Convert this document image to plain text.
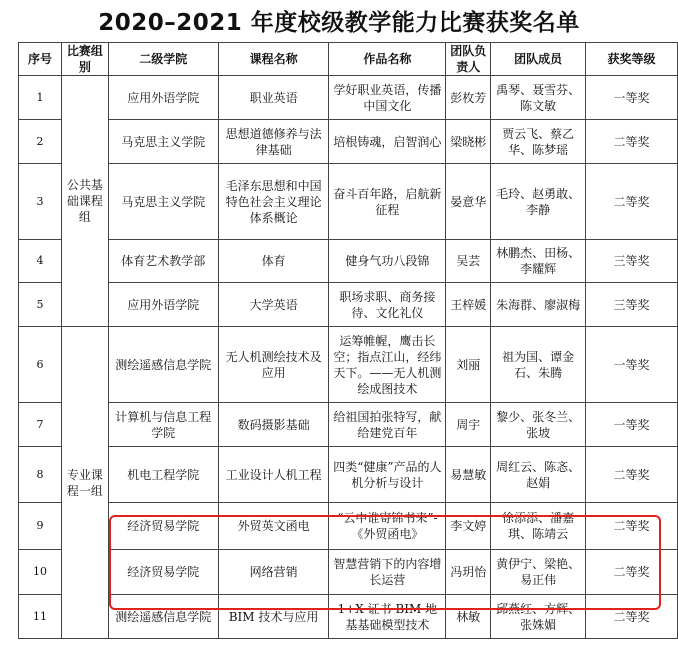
2020–2021 年度校级教学能力比赛获奖名单
序号	比赛组别	二级学院	课程名称	作品名称	团队负责人	团队成员	获奖等级
1	公共基础课程组	应用外语学院	职业英语	学好职业英语，传播中国文化	彭枚芳	禹琴、聂雪芬、陈文敏	一等奖
2		马克思主义学院	思想道德修养与法律基础	培根铸魂，启智润心	梁晓彬	贾云飞、蔡乙华、陈梦瑶	二等奖
3		马克思主义学院	毛泽东思想和中国特色社会主义理论体系概论	奋斗百年路，启航新征程	晏意华	毛玲、赵勇敢、李静	二等奖
4		体育艺术教学部	体育	健身气功八段锦	吴芸	林鹏杰、田杨、李耀辉	三等奖
5		应用外语学院	大学英语	职场求职、商务接待、文化礼仪	王梓媛	朱海群、廖淑梅	三等奖
6	专业课程一组	测绘遥感信息学院	无人机测绘技术及应用	运筹帷幄，鹰击长空；指点江山，经纬天下。——无人机测绘成图技术	刘丽	祖为国、谭金石、朱腾	一等奖
7		计算机与信息工程学院	数码摄影基础	给祖国拍张特写，献给建党百年	周宇	黎少、张冬兰、张坡	一等奖
8		机电工程学院	工业设计人机工程	四类“健康”产品的人机分析与设计	易慧敏	周红云、陈忞、赵娟	二等奖
9		经济贸易学院	外贸英文函电	“云中谁寄锦书来”-《外贸函电》	李文婷	徐添添、潘嘉琪、陈靖云	二等奖
10		经济贸易学院	网络营销	智慧营销下的内容增长运营	冯玥怡	黄伊宁、梁艳、易正伟	二等奖
11		测绘遥感信息学院	BIM 技术与应用	1+X 证书 BIM 地基基础模型技术	林敏	邱燕红、方辉、张姝媚	二等奖
